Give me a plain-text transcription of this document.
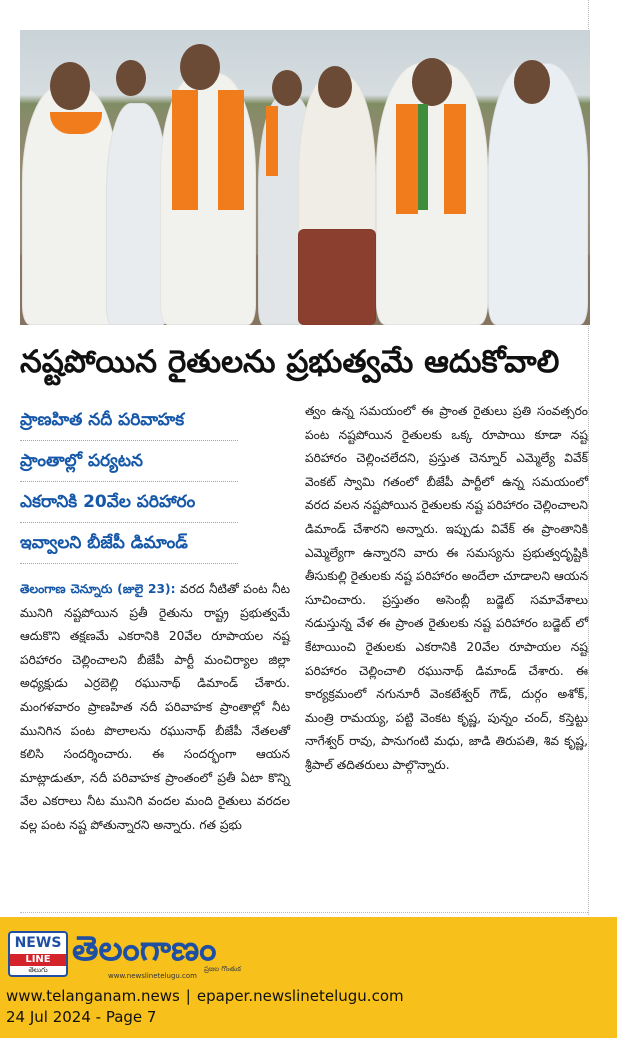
నష్టపోయిన రైతులను ప్రభుత్వమే ఆదుకోవాలి
ప్రాణహిత నదీ పరివాహక
ప్రాంతాల్లో పర్యటన
ఎకరానికి 20వేల పరిహారం
ఇవ్వాలని బీజేపీ డిమాండ్
తెలంగాణ చెన్నూరు (జులై 23): వరద నీటితో పంట నీట మునిగి నష్టపోయిన ప్రతీ రైతును రాష్ట్ర ప్రభుత్వమే ఆదుకొని తక్షణమే ఎకరానికి 20వేల రూపాయల నష్ట పరిహారం చెల్లించాలని బీజేపీ పార్టీ మంచిర్యాల జిల్లా అధ్యక్షుడు ఎర్రబెల్లి రఘునాథ్ డిమాండ్ చేశారు. మంగళవారం ప్రాణహిత నదీ పరివాహక ప్రాంతాల్లో నీట మునిగిన పంట పొలాలను రఘునాథ్ బీజేపీ నేతలతో కలిసి సందర్శించారు. ఈ సందర్భంగా ఆయన మాట్లాడుతూ, నదీ పరివాహక ప్రాంతంలో ప్రతీ ఏటా కొన్ని వేల ఎకరాలు నీట మునిగి వందల మంది రైతులు వరదల వల్ల పంట నష్ట పోతున్నారని అన్నారు. గత ప్రభు
త్వం ఉన్న సమయంలో ఈ ప్రాంత రైతులు ప్రతి సంవత్సరం పంట నష్టపోయిన రైతులకు ఒక్క రూపాయి కూడా నష్ట పరిహారం చెల్లించలేదని, ప్రస్తుత చెన్నూర్ ఎమ్మెల్యే వివేక్ వెంకట్ స్వామి గతంలో బీజేపీ పార్టీలో ఉన్న సమయంలో వరద వలన నష్టపోయిన రైతులకు నష్ట పరిహారం చెల్లించాలని డిమాండ్ చేశారని అన్నారు. ఇప్పుడు వివేక్ ఈ ప్రాంతానికి ఎమ్మెల్యేగా ఉన్నారని వారు ఈ సమస్యను ప్రభుత్వదృష్టికి తీసుకుల్లి రైతులకు నష్ట పరిహారం అందేలా చూడాలని ఆయన సూచించారు. ప్రస్తుతం అసెంబ్లీ బడ్జెట్ సమావేశాలు నడుస్తున్న వేళ ఈ ప్రాంత రైతులకు నష్ట పరిహారం బడ్జెట్ లో కేటాయించి రైతులకు ఎకరానికి 20వేల రూపాయల నష్ట పరిహారం చెల్లించాలి రఘునాథ్ డిమాండ్ చేశారు. ఈ కార్యక్రమంలో నగునూరీ వెంకటేశ్వర్ గౌడ్, దుర్గం అశోక్, మంత్రి రామయ్య, పట్టి వెంకట కృష్ణ, పున్నం చంద్, కస్తెట్టు నాగేశ్వర్ రావు, పానుగంటి మధు, జాడి తిరుపతి, శివ కృష్ణ, శ్రీపాల్ తదితరులు పాల్గొన్నారు.
NEWS
LINE
తెలుగు
తెలంగాణం
ప్రజల గొంతుక
www.newslinetelugu.com
www.telanganam.news | epaper.newslinetelugu.com
24 Jul 2024 - Page 7
